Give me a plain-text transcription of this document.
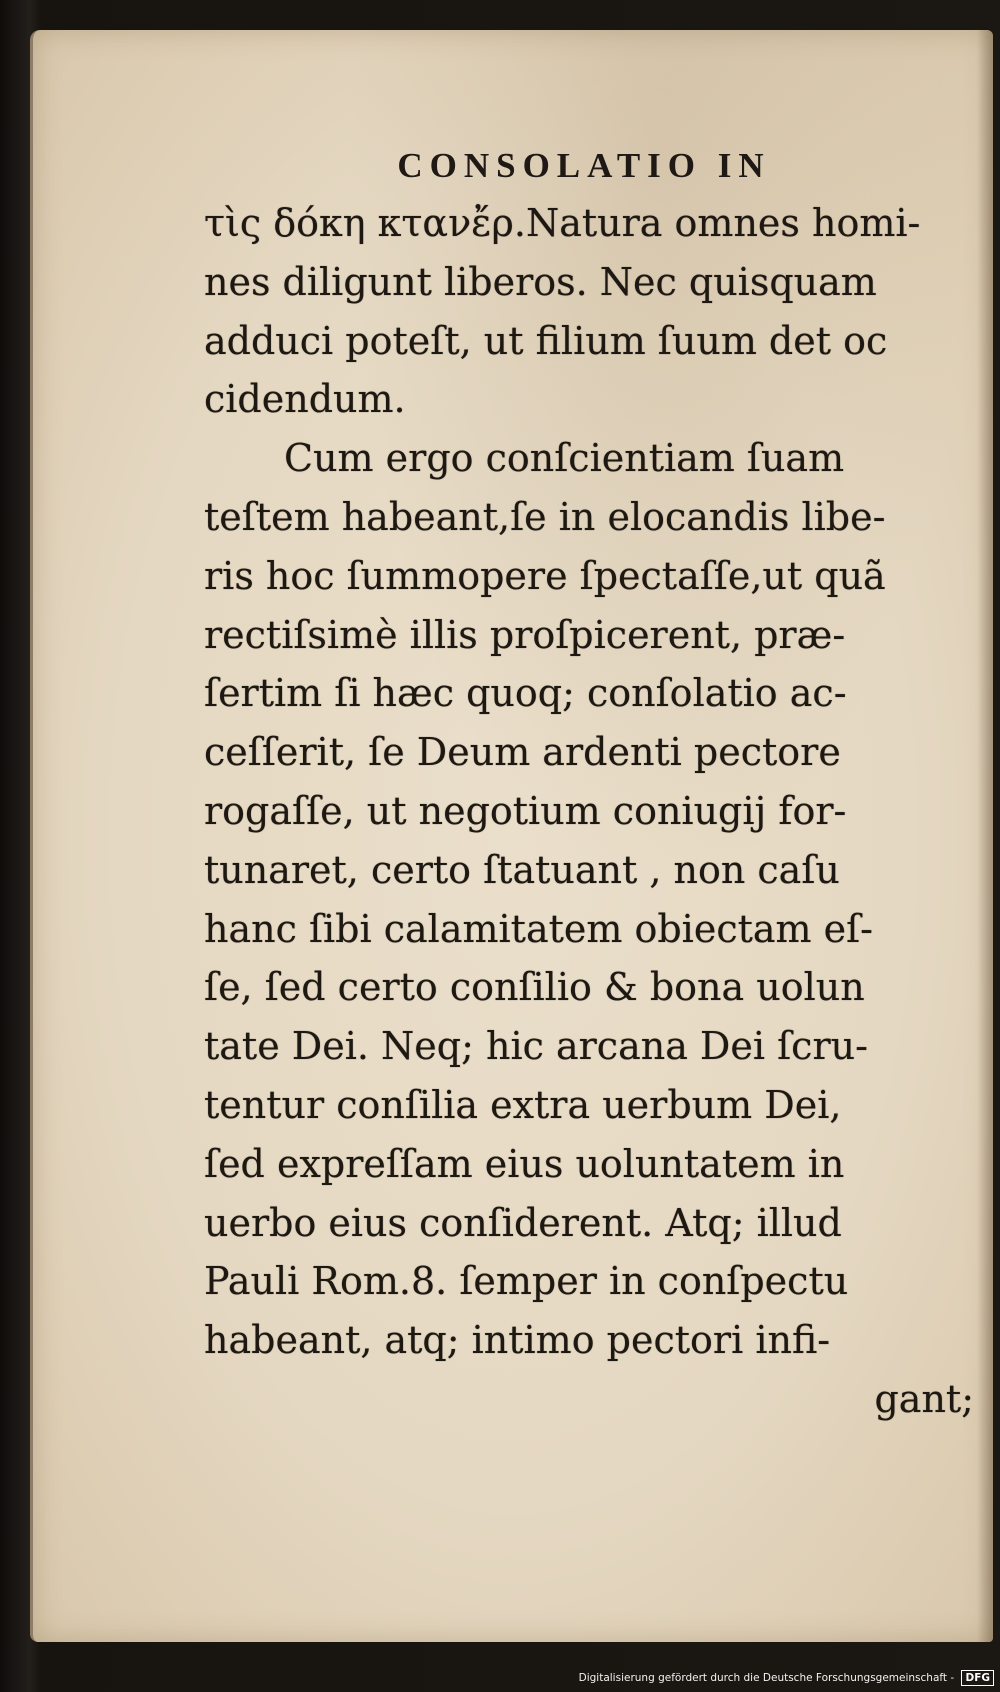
CONSOLATIO IN
τὶς δόκη κτανἔρ.Natura omnes homi-
nes diligunt liberos. Nec quisquam
adduci poteſt, ut filium ſuum det oc
cidendum.
Cum ergo conſcientiam ſuam
teſtem habeant,ſe in elocandis libe-
ris hoc ſummopere ſpectaſſe,ut quã
rectiſsimè illis proſpicerent, præ-
ſertim ſi hæc quoq; conſolatio ac-
ceſſerit, ſe Deum ardenti pectore
rogaſſe, ut negotium coniugij for-
tunaret, certo ſtatuant , non caſu
hanc ſibi calamitatem obiectam eſ-
ſe, ſed certo conſilio & bona uolun
tate Dei. Neq; hic arcana Dei ſcru-
tentur conſilia extra uerbum Dei,
ſed expreſſam eius uoluntatem in
uerbo eius conſiderent. Atq; illud
Pauli Rom.8. ſemper in conſpectu
habeant, atq; intimo pectori infi-
gant;
Digitalisierung gefördert durch die Deutsche Forschungsgemeinschaft - DFG
